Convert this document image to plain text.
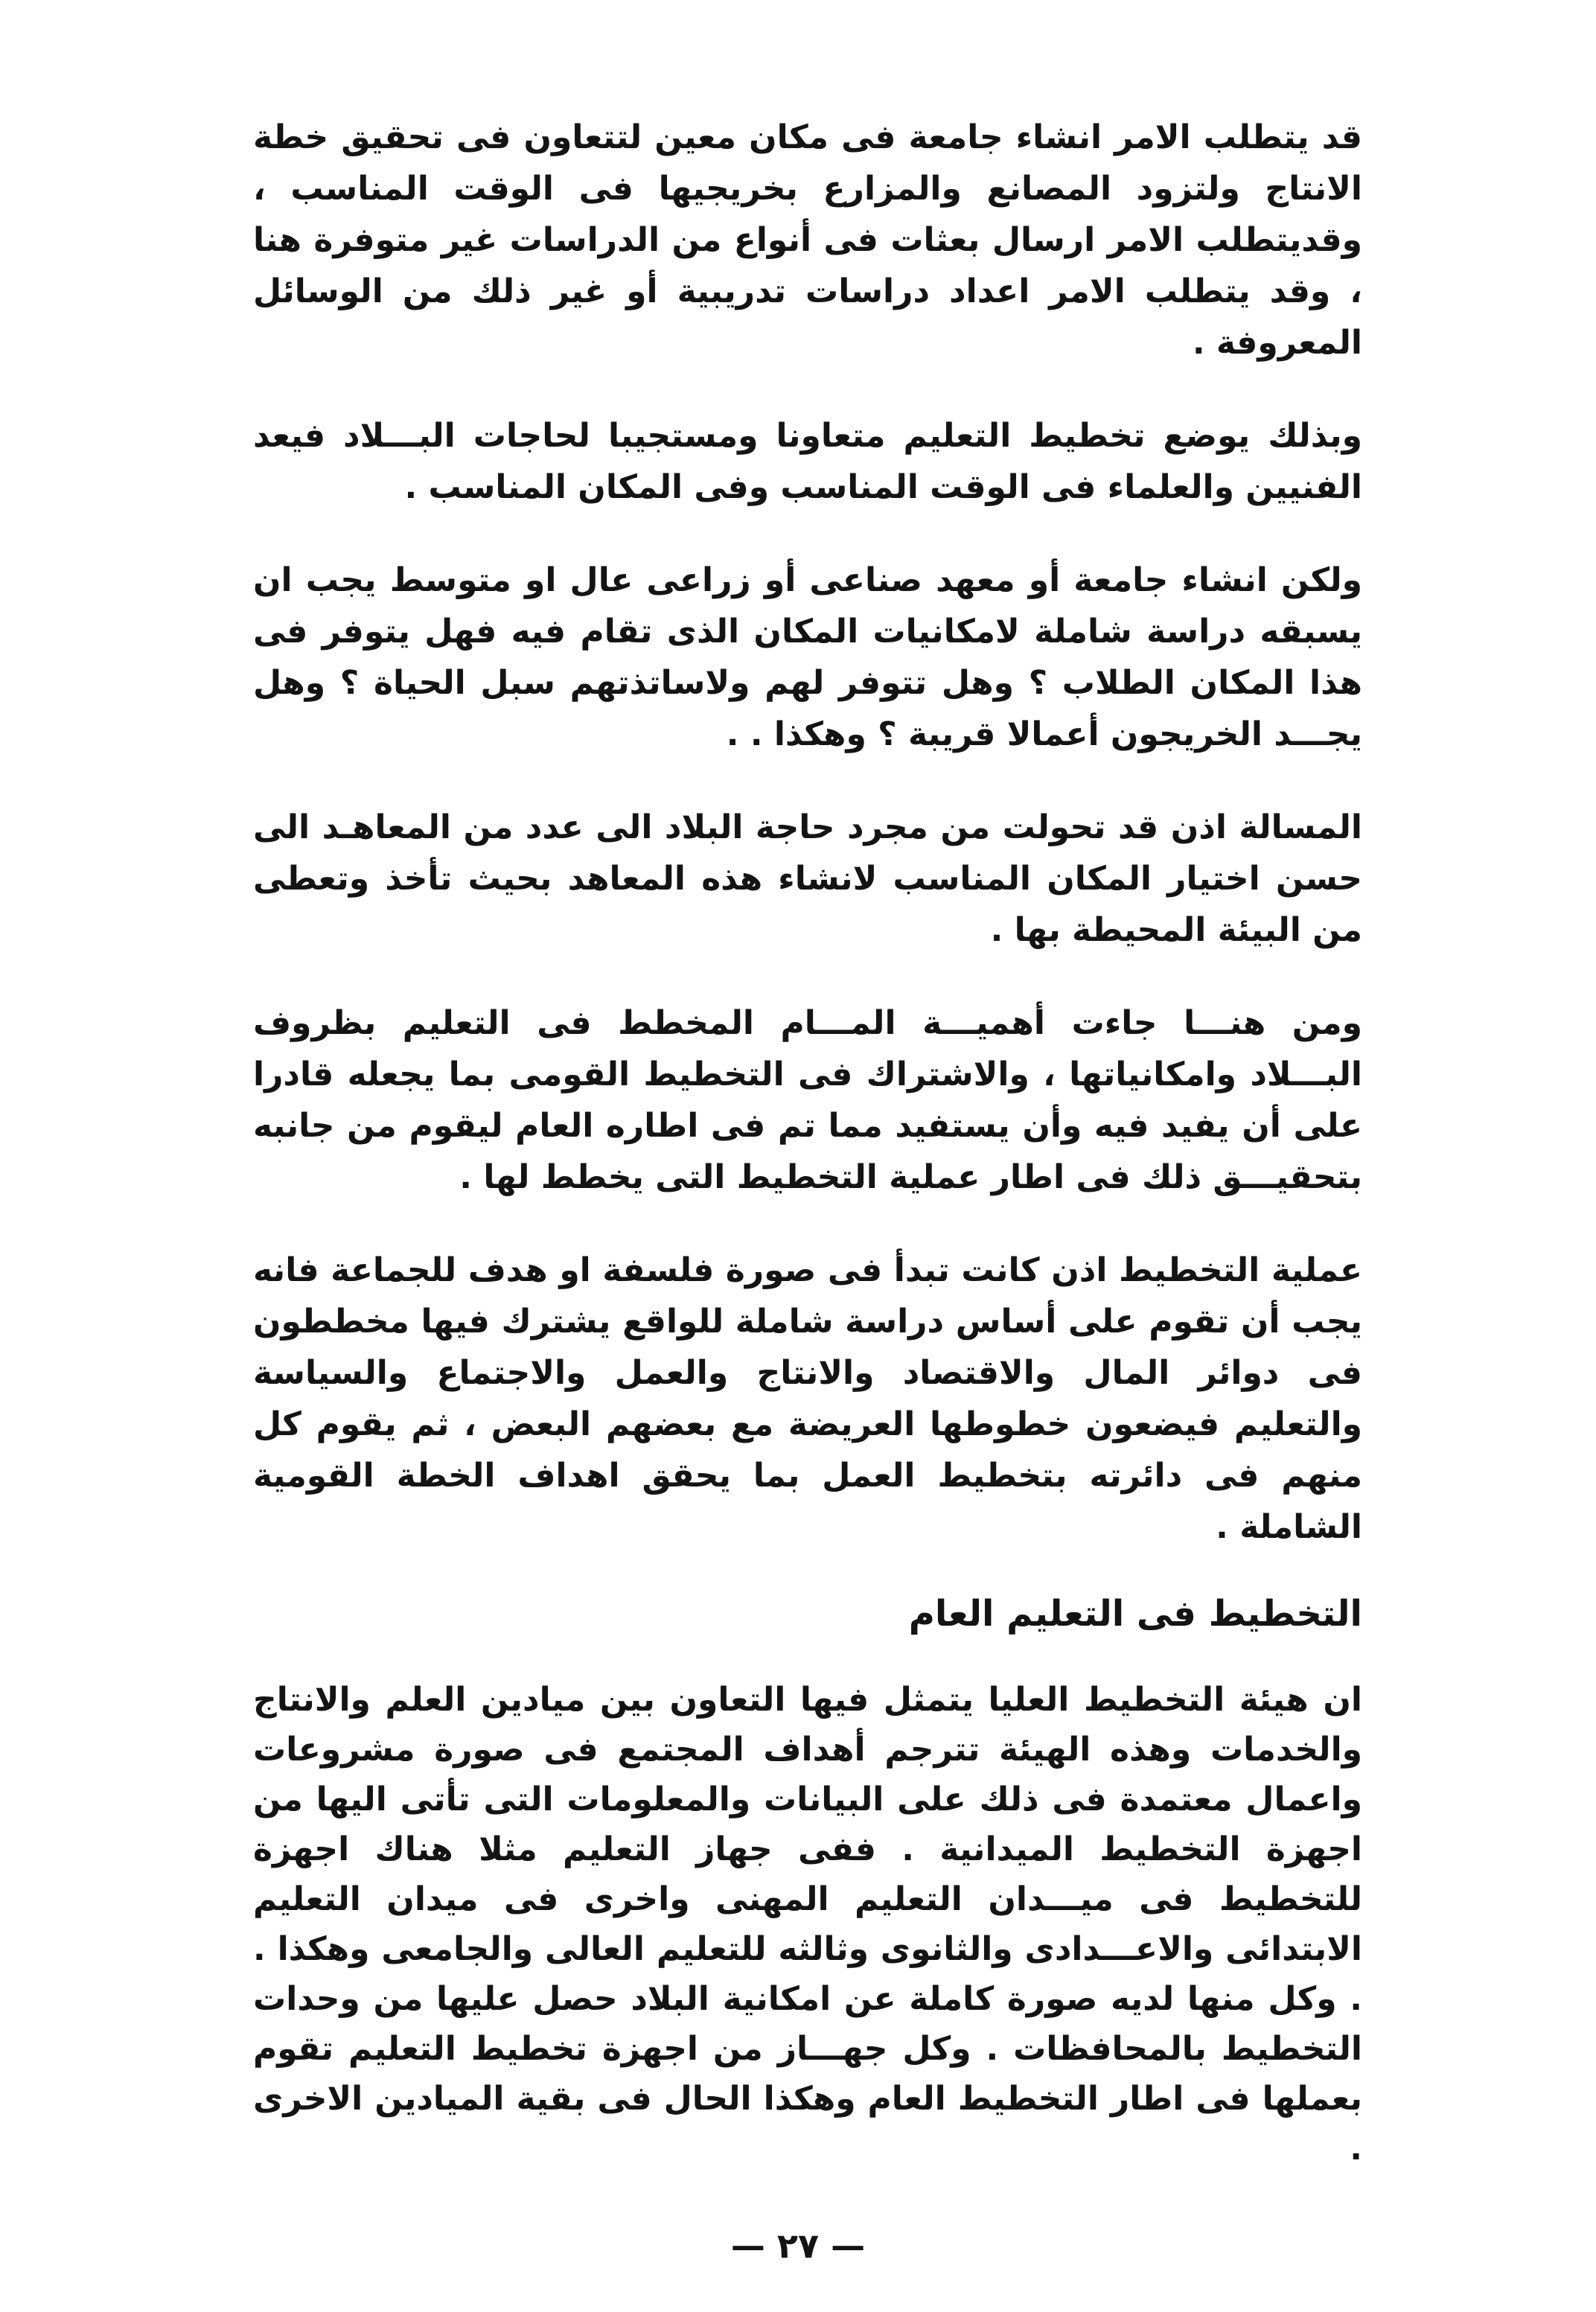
قد يتطلب الامر انشاء جامعة فى مكان معين لتتعاون فى تحقيق خطة الانتاج ولتزود المصانع والمزارع بخريجيها فى الوقت المناسب ، وقديتطلب الامر ارسال بعثات فى أنواع من الدراسات غير متوفرة هنا ، وقد يتطلب الامر اعداد دراسات تدريبية أو غير ذلك من الوسائل المعروفة .

وبذلك يوضع تخطيط التعليم متعاونا ومستجيبا لحاجات البـــلاد فيعد الفنيين والعلماء فى الوقت المناسب وفى المكان المناسب .

ولكن انشاء جامعة أو معهد صناعى أو زراعى عال او متوسط يجب ان يسبقه دراسة شاملة لامكانيات المكان الذى تقام فيه فهل يتوفر فى هذا المكان الطلاب ؟ وهل تتوفر لهم ولاساتذتهم سبل الحياة ؟ وهل يجـــد الخريجون أعمالا قريبة ؟ وهكذا . .

المسالة اذن قد تحولت من مجرد حاجة البلاد الى عدد من المعاهـد الى حسن اختيار المكان المناسب لانشاء هذه المعاهد بحيث تأخذ وتعطى من البيئة المحيطة بها .

ومن هنـــا جاءت أهميـــة المـــام المخطط فى التعليم بظروف البـــلاد وامكانياتها ، والاشتراك فى التخطيط القومى بما يجعله قادرا على أن يفيد فيه وأن يستفيد مما تم فى اطاره العام ليقوم من جانبه بتحقيـــق ذلك فى اطار عملية التخطيط التى يخطط لها .

عملية التخطيط اذن كانت تبدأ فى صورة فلسفة او هدف للجماعة فانه يجب أن تقوم على أساس دراسة شاملة للواقع يشترك فيها مخططون فى دوائر المال والاقتصاد والانتاج والعمل والاجتماع والسياسة والتعليم فيضعون خطوطها العريضة مع بعضهم البعض ، ثم يقوم كل منهم فى دائرته بتخطيط العمل بما يحقق اهداف الخطة القومية الشاملة .

التخطيط فى التعليم العام

ان هيئة التخطيط العليا يتمثل فيها التعاون بين ميادين العلم والانتاج والخدمات وهذه الهيئة تترجم أهداف المجتمع فى صورة مشروعات واعمال معتمدة فى ذلك على البيانات والمعلومات التى تأتى اليها من اجهزة التخطيط الميدانية . ففى جهاز التعليم مثلا هناك اجهزة للتخطيط فى ميـــدان التعليم المهنى واخرى فى ميدان التعليم الابتدائى والاعـــدادى والثانوى وثالثه للتعليم العالى والجامعى وهكذا . . وكل منها لديه صورة كاملة عن امكانية البلاد حصل عليها من وحدات التخطيط بالمحافظات . وكل جهـــاز من اجهزة تخطيط التعليم تقوم بعملها فى اطار التخطيط العام وهكذا الحال فى بقية الميادين الاخرى .

— ٢٧ —
